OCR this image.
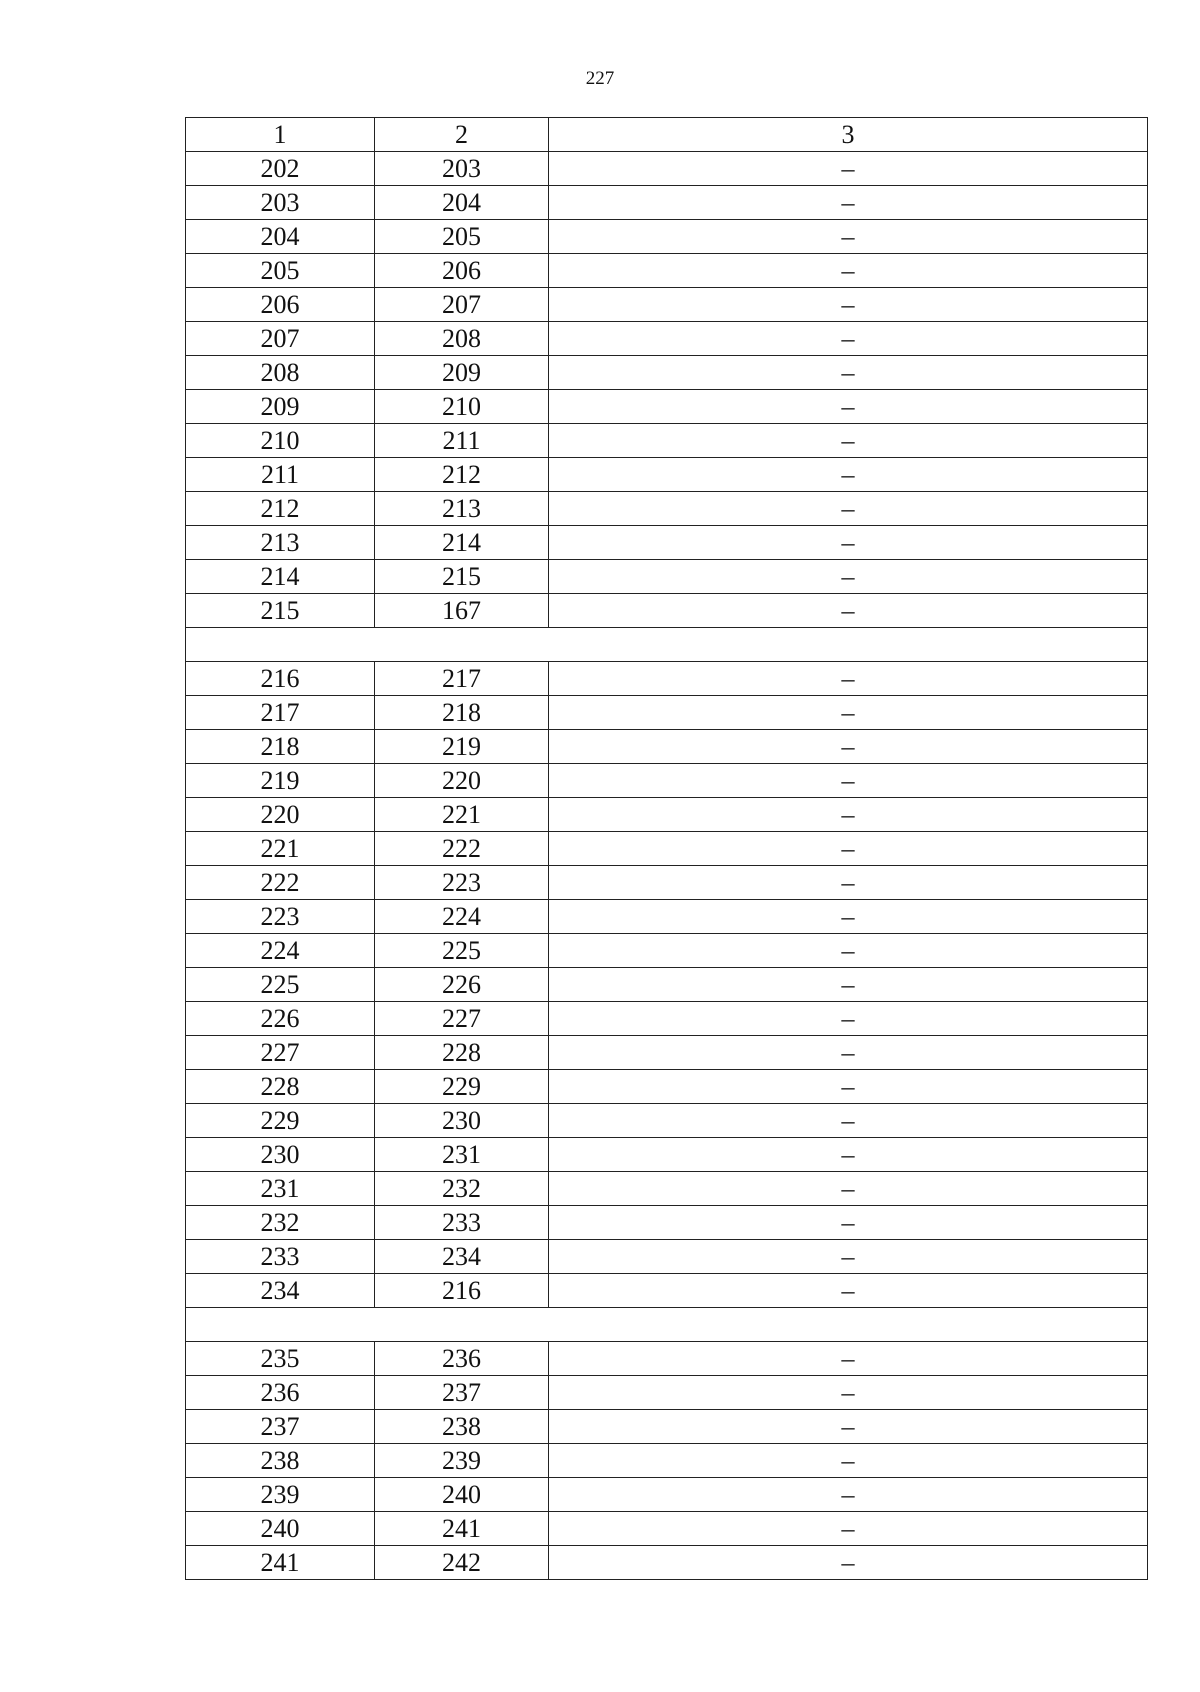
227
1	2	3
202	203	–
203	204	–
204	205	–
205	206	–
206	207	–
207	208	–
208	209	–
209	210	–
210	211	–
211	212	–
212	213	–
213	214	–
214	215	–
215	167	–

216	217	–
217	218	–
218	219	–
219	220	–
220	221	–
221	222	–
222	223	–
223	224	–
224	225	–
225	226	–
226	227	–
227	228	–
228	229	–
229	230	–
230	231	–
231	232	–
232	233	–
233	234	–
234	216	–

235	236	–
236	237	–
237	238	–
238	239	–
239	240	–
240	241	–
241	242	–
